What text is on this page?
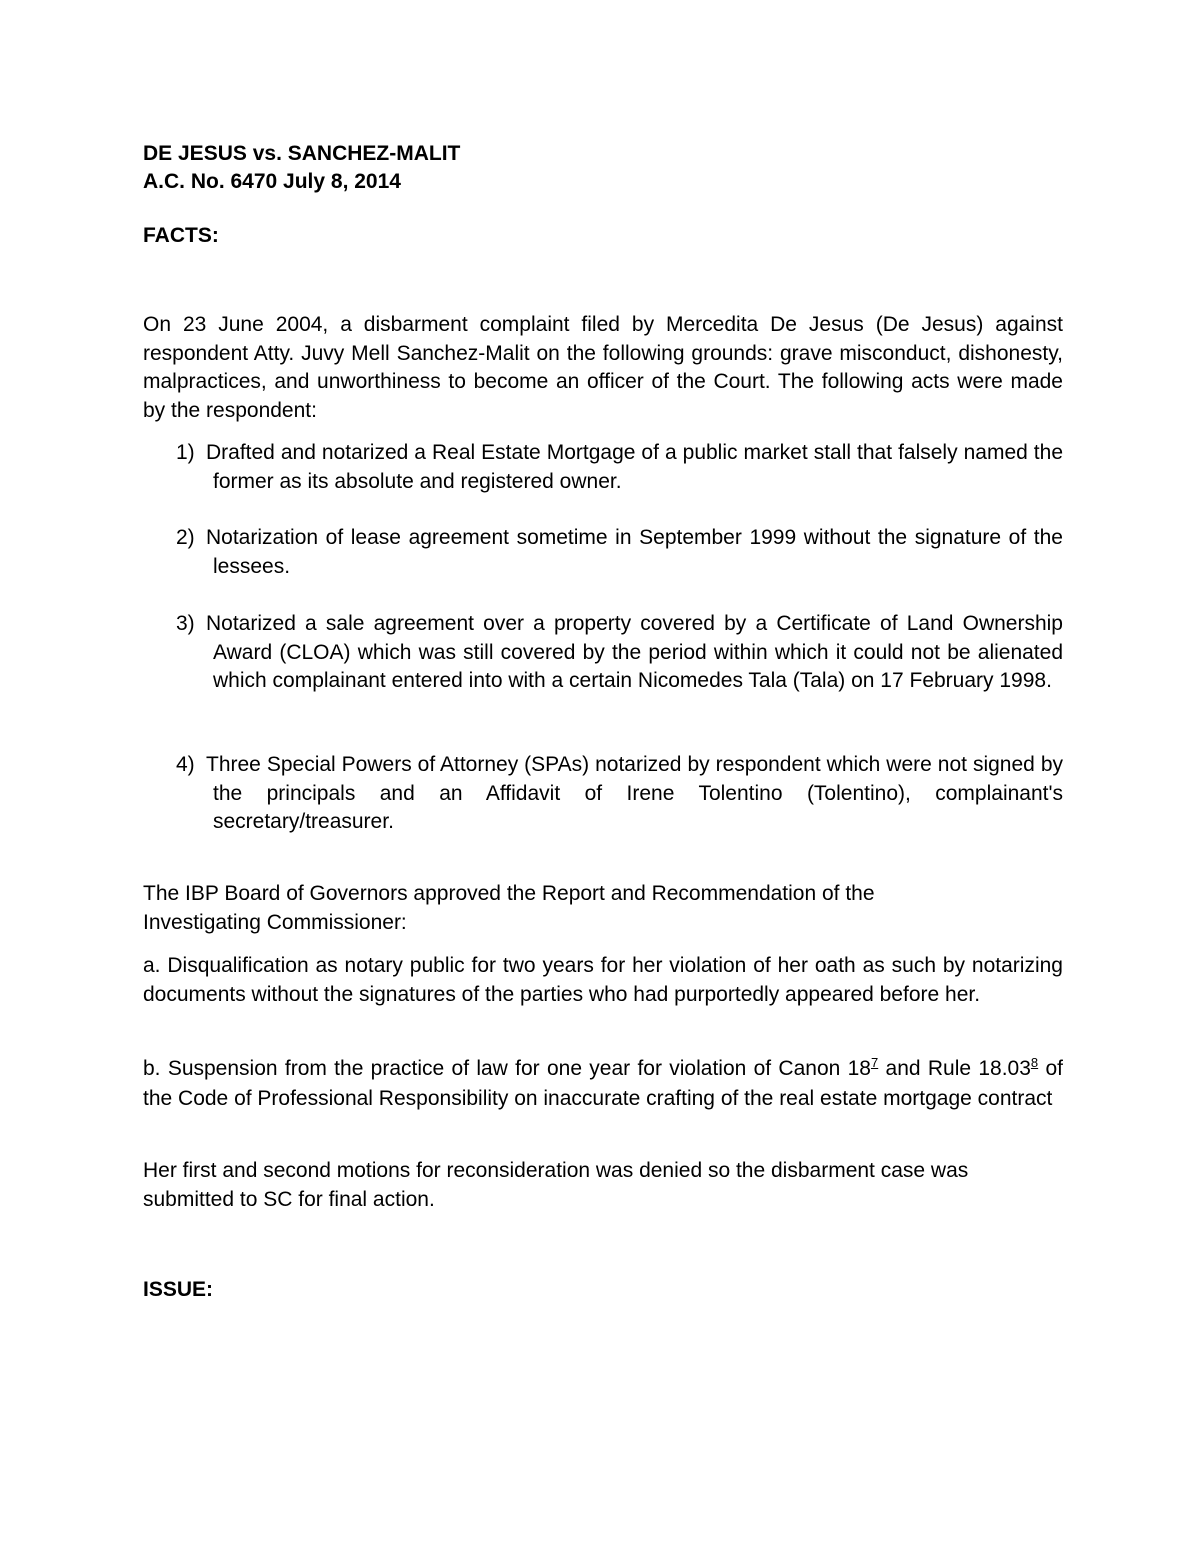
DE JESUS vs. SANCHEZ-MALIT

A.C. No. 6470 July 8, 2014

FACTS:

On 23 June 2004, a disbarment complaint filed by Mercedita De Jesus (De Jesus) against respondent Atty. Juvy Mell Sanchez-Malit on the following grounds: grave misconduct, dishonesty, malpractices, and unworthiness to become an officer of the Court. The following acts were made by the respondent:

1) Drafted and notarized a Real Estate Mortgage of a public market stall that falsely named the former as its absolute and registered owner.
2) Notarization of lease agreement sometime in September 1999 without the signature of the lessees.
3) Notarized a sale agreement over a property covered by a Certificate of Land Ownership Award (CLOA) which was still covered by the period within which it could not be alienated which complainant entered into with a certain Nicomedes Tala (Tala) on 17 February 1998.
4) Three Special Powers of Attorney (SPAs) notarized by respondent which were not signed by the principals and an Affidavit of Irene Tolentino (Tolentino), complainant's secretary/treasurer.

The IBP Board of Governors approved the Report and Recommendation of the Investigating Commissioner:

a. Disqualification as notary public for two years for her violation of her oath as such by notarizing documents without the signatures of the parties who had purportedly appeared before her.

b. Suspension from the practice of law for one year for violation of Canon $18^7$ and Rule 18.03$^8$ of the Code of Professional Responsibility on inaccurate crafting of the real estate mortgage contract

Her first and second motions for reconsideration was denied so the disbarment case was submitted to SC for final action.

ISSUE:
